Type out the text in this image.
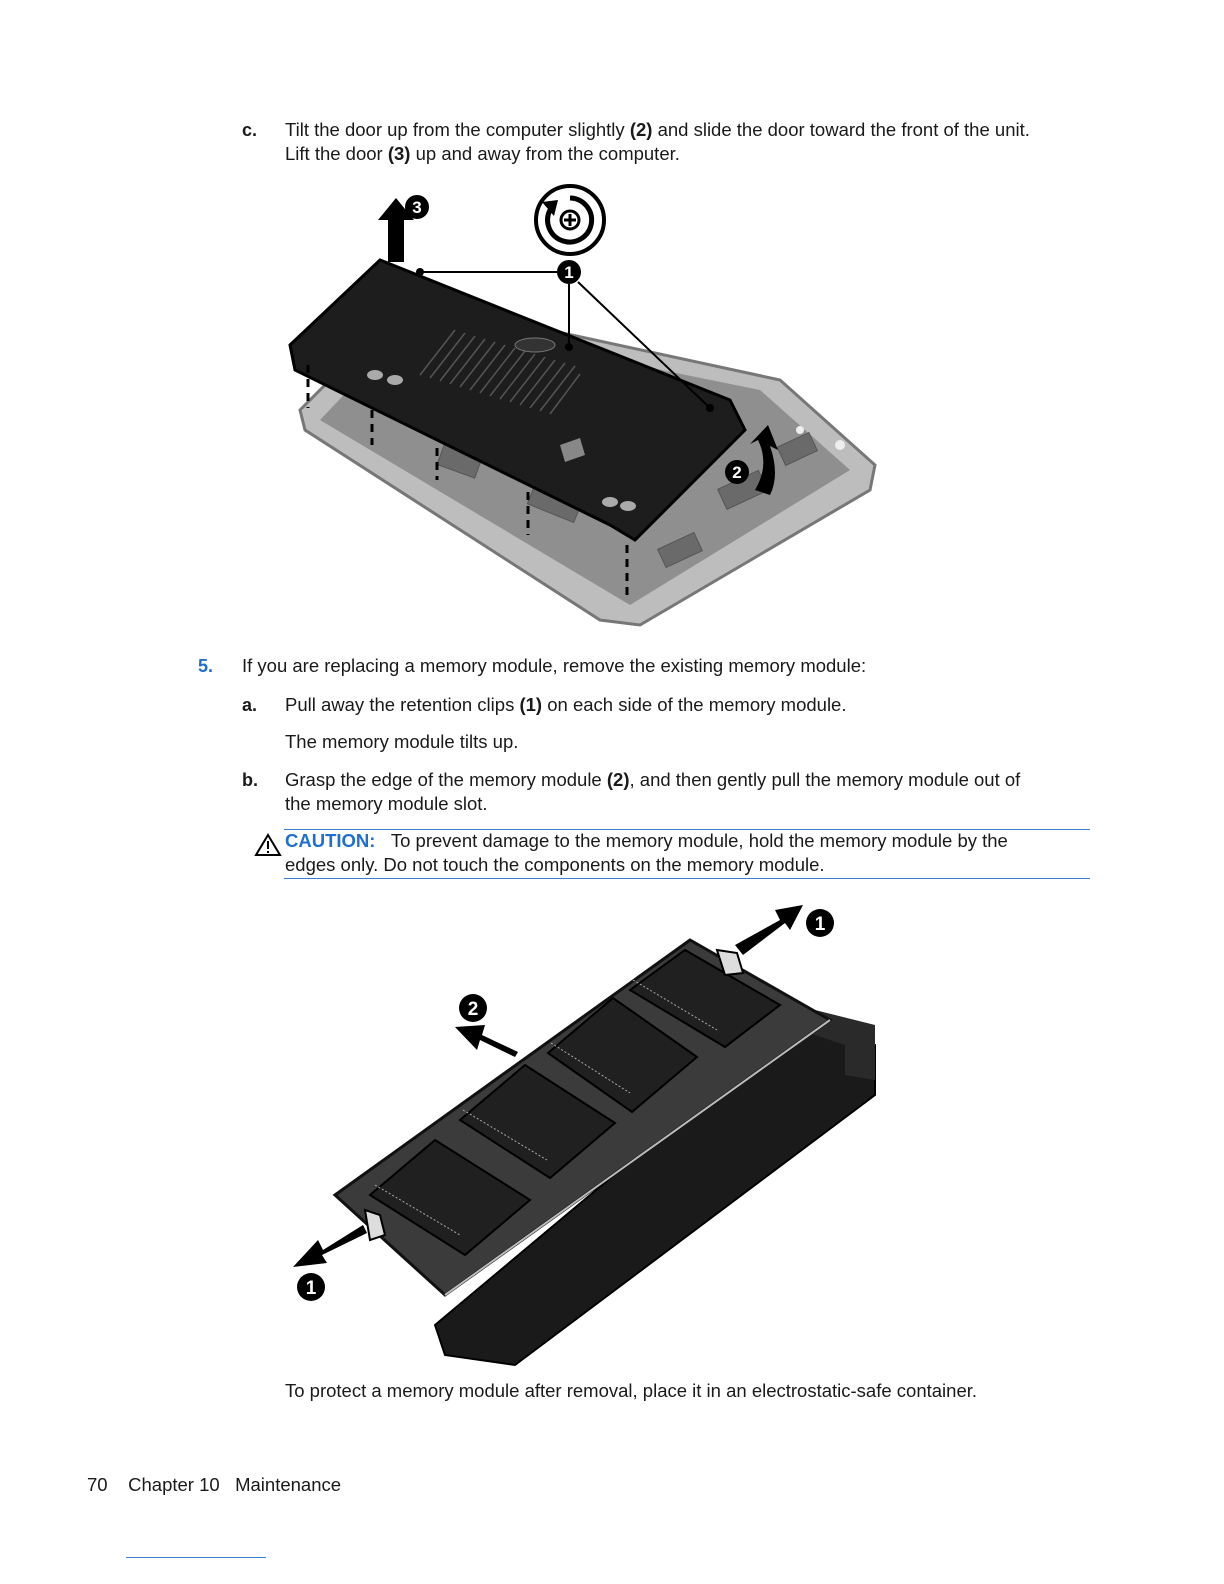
c. Tilt the door up from the computer slightly (2) and slide the door toward the front of the unit.
Lift the door (3) up and away from the computer.
3
1
2
5. If you are replacing a memory module, remove the existing memory module:
a. Pull away the retention clips (1) on each side of the memory module.
The memory module tilts up.
b. Grasp the edge of the memory module (2), and then gently pull the memory module out of
the memory module slot.
CAUTION: To prevent damage to the memory module, hold the memory module by the
edges only. Do not touch the components on the memory module.
1
2
1
To protect a memory module after removal, place it in an electrostatic-safe container.
70 Chapter 10 Maintenance
